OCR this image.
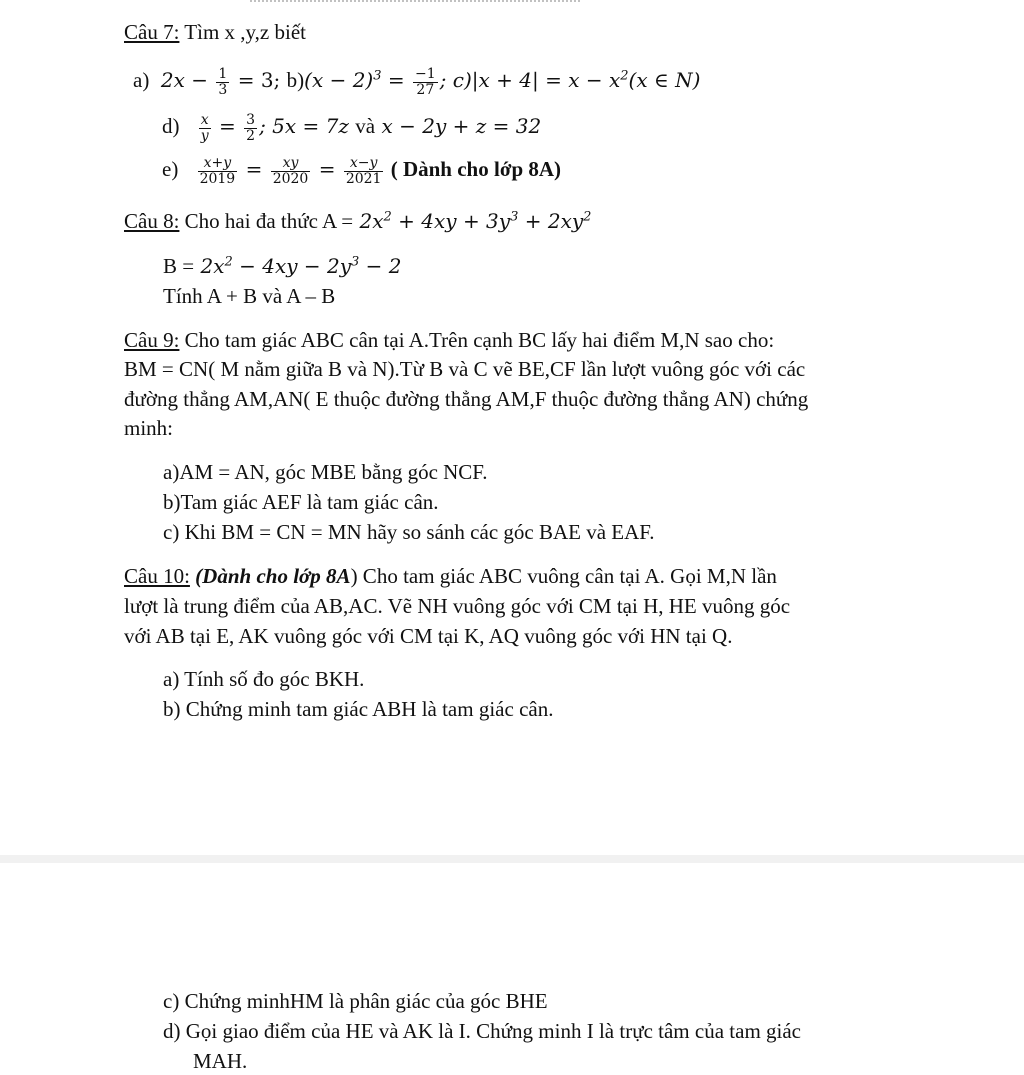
Câu 7: Tìm x ,y,z biết
a)  $2x - \frac{1}{3} = 3$; $b)(x - 2)^3 = \frac{-1}{27}$ ; $c)|x + 4| = x - x^2(x$ ∈ N)
$d) \frac{x}{y} = \frac{3}{2}$ ; 5x = 7z và x − 2y + z = 32
$e) \frac{x+y}{2019} = \frac{xy}{2020} = \frac{x-y}{2021}$ ( Dành cho lớp 8A)
Câu 8: Cho hai đa thức $A = 2x^2 + 4xy + 3y^3 + 2xy^2$
$B = 2x^2 - 4xy - 2y^3 - 2$
Tính A + B và A – B
Câu 9: Cho tam giác ABC cân tại A.Trên cạnh BC lấy hai điểm M,N sao cho:
BM = CN( M nằm giữa B và N).Từ B và C vẽ BE,CF lần lượt vuông góc với các
đường thẳng AM,AN( E thuộc đường thẳng AM,F thuộc đường thẳng AN) chứng
minh:
a)AM = AN, góc MBE bằng góc NCF.
b)Tam giác AEF là tam giác cân.
c) Khi BM = CN = MN hãy so sánh các góc BAE và EAF.
Câu 10: (Dành cho lớp 8A) Cho tam giác ABC vuông cân tại A. Gọi M,N lần
lượt là trung điểm của AB,AC. Vẽ NH vuông góc với CM tại H, HE vuông góc
với AB tại E, AK vuông góc với CM tại K, AQ vuông góc với HN tại Q.
a) Tính số đo góc BKH.
b) Chứng minh tam giác ABH là tam giác cân.
c) Chứng minhHM là phân giác của góc BHE
d) Gọi giao điểm của HE và AK là I. Chứng minh I là trực tâm của tam giác
MAH.
